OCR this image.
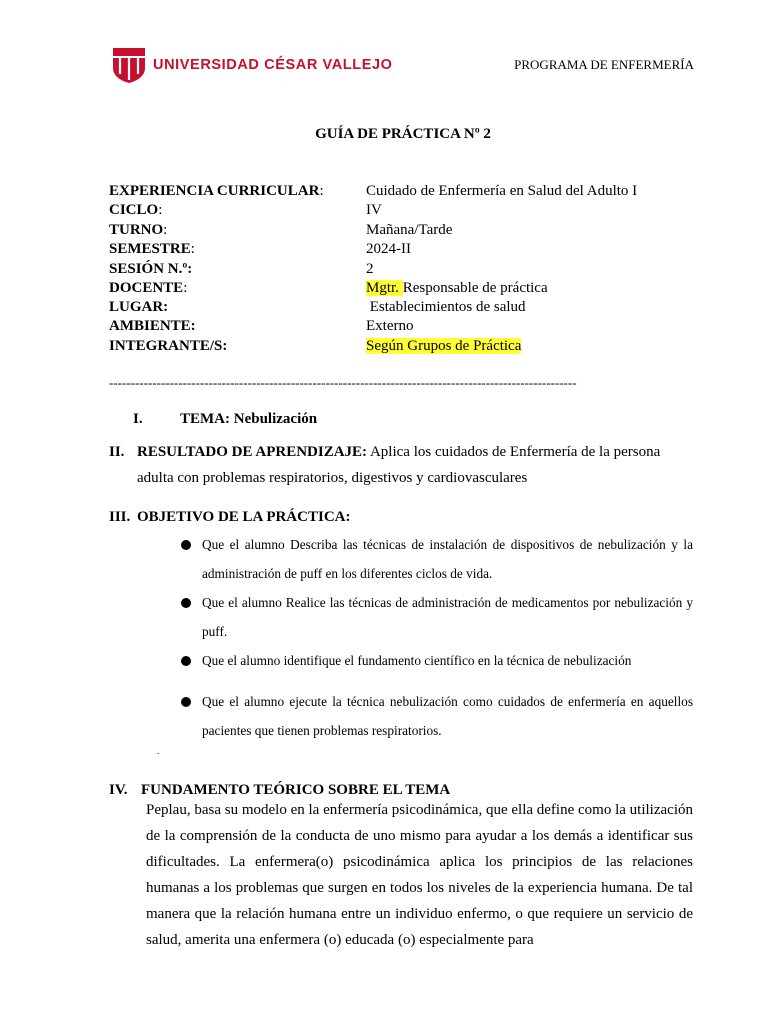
UNIVERSIDAD CÉSAR VALLEJO	PROGRAMA DE ENFERMERÍA
GUÍA DE PRÁCTICA Nº 2
EXPERIENCIA CURRICULAR:	Cuidado de Enfermería en Salud del Adulto I
CICLO:	IV
TURNO:	Mañana/Tarde
SEMESTRE:	2024-II
SESIÓN N.º:	2
DOCENTE:	Mgtr. Responsable de práctica
LUGAR:	Establecimientos de salud
AMBIENTE:	Externo
INTEGRANTE/S:	Según Grupos de Práctica
------------------------------------------------------------------------------------------------------------
I. TEMA: Nebulización
II. RESULTADO DE APRENDIZAJE: Aplica los cuidados de Enfermería de la persona
adulta con problemas respiratorios, digestivos y cardiovasculares
III. OBJETIVO DE LA PRÁCTICA:
Que el alumno Describa las técnicas de instalación de dispositivos de nebulización y la administración de puff en los diferentes ciclos de vida.
Que el alumno Realice las técnicas de administración de medicamentos por nebulización y puff.
Que el alumno identifique el fundamento científico en la técnica de nebulización
Que el alumno ejecute la técnica nebulización como cuidados de enfermería en aquellos pacientes que tienen problemas respiratorios.
.
IV. FUNDAMENTO TEÓRICO SOBRE EL TEMA
Peplau, basa su modelo en la enfermería psicodinámica, que ella define como la utilización de la comprensión de la conducta de uno mismo para ayudar a los demás a identificar sus dificultades. La enfermera(o) psicodinámica aplica los principios de las relaciones humanas a los problemas que surgen en todos los niveles de la experiencia humana. De tal manera que la relación humana entre un individuo enfermo, o que requiere un servicio de salud, amerita una enfermera (o) educada (o) especialmente para
